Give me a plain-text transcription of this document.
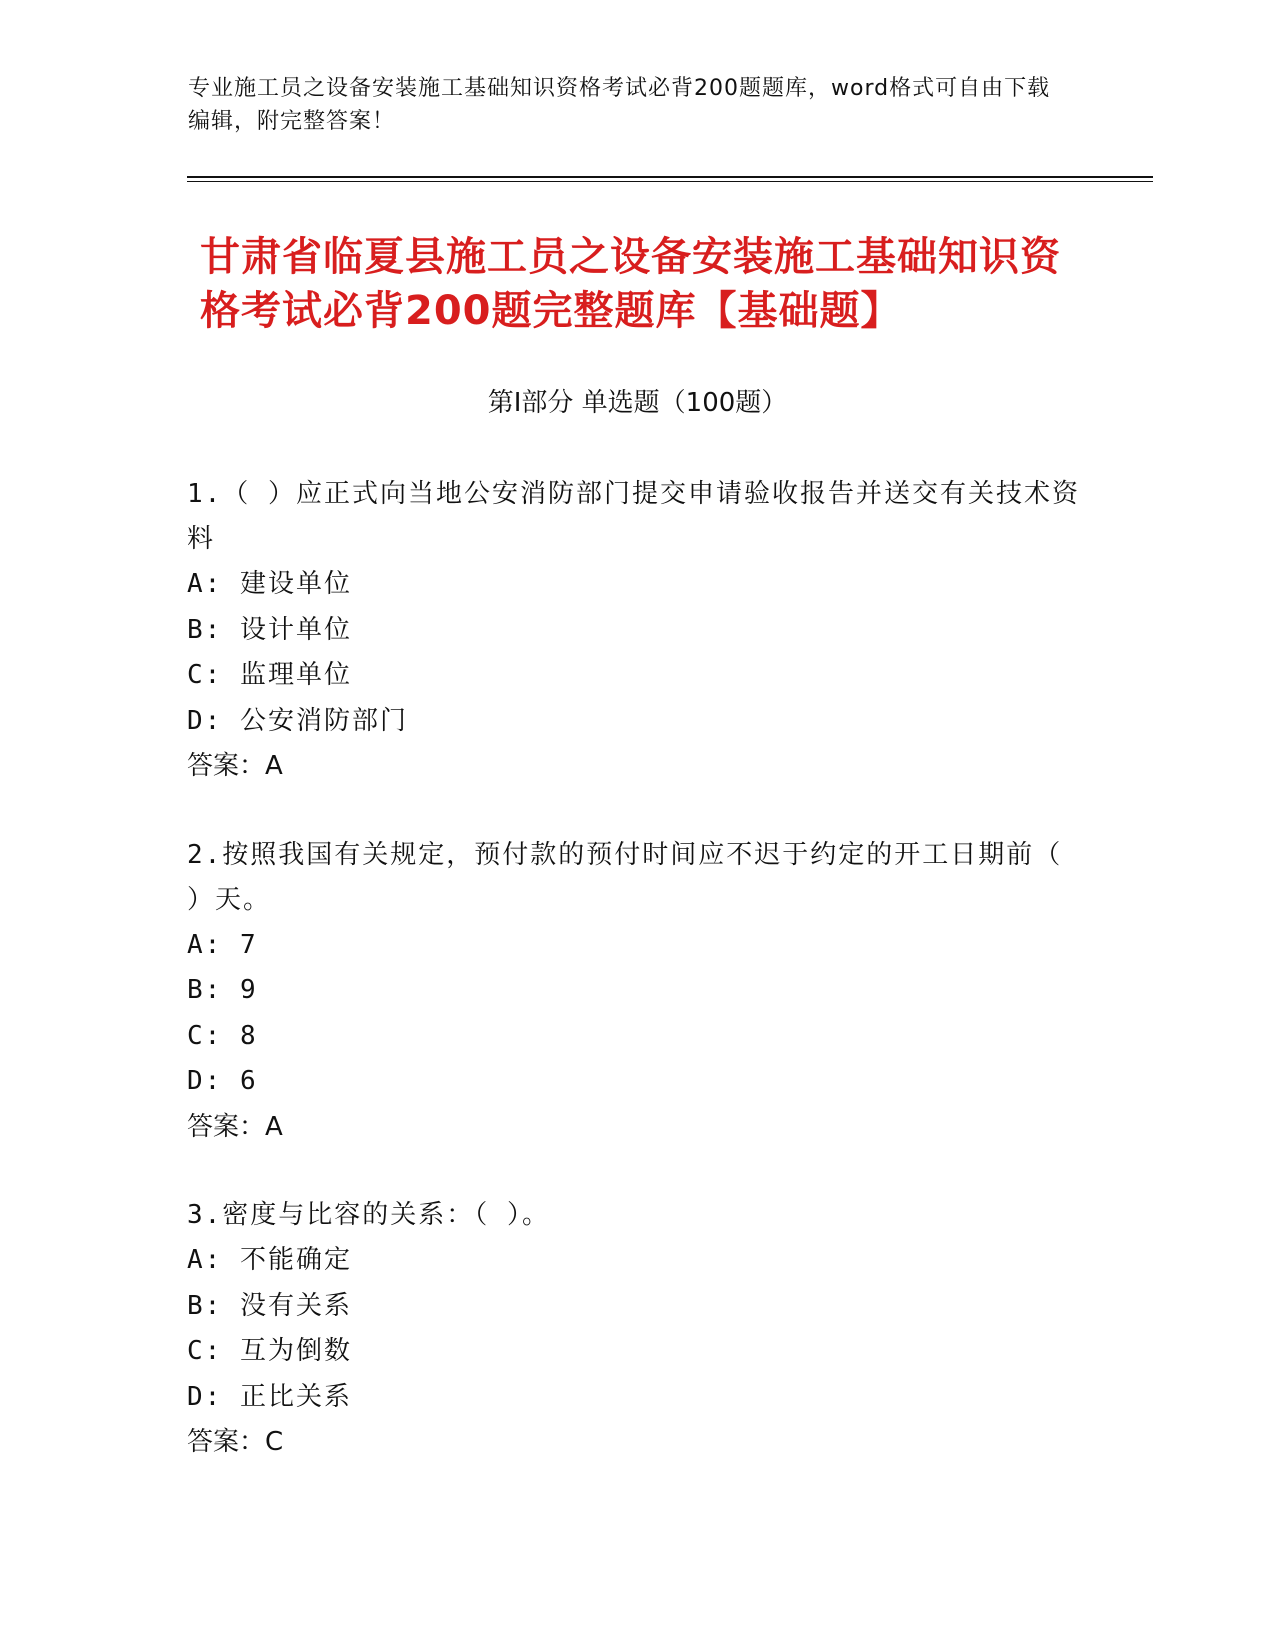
专业施工员之设备安装施工基础知识资格考试必背200题题库，word格式可自由下载编辑，附完整答案！
甘肃省临夏县施工员之设备安装施工基础知识资格考试必背200题完整题库【基础题】
第Ⅰ部分 单选题（100题）
1.（ ）应正式向当地公安消防部门提交申请验收报告并送交有关技术资料
A: 建设单位
B: 设计单位
C: 监理单位
D: 公安消防部门
答案：A
2.按照我国有关规定，预付款的预付时间应不迟于约定的开工日期前（ ）天。
A: 7
B: 9
C: 8
D: 6
答案：A
3.密度与比容的关系：（ ）。
A: 不能确定
B: 没有关系
C: 互为倒数
D: 正比关系
答案：C
